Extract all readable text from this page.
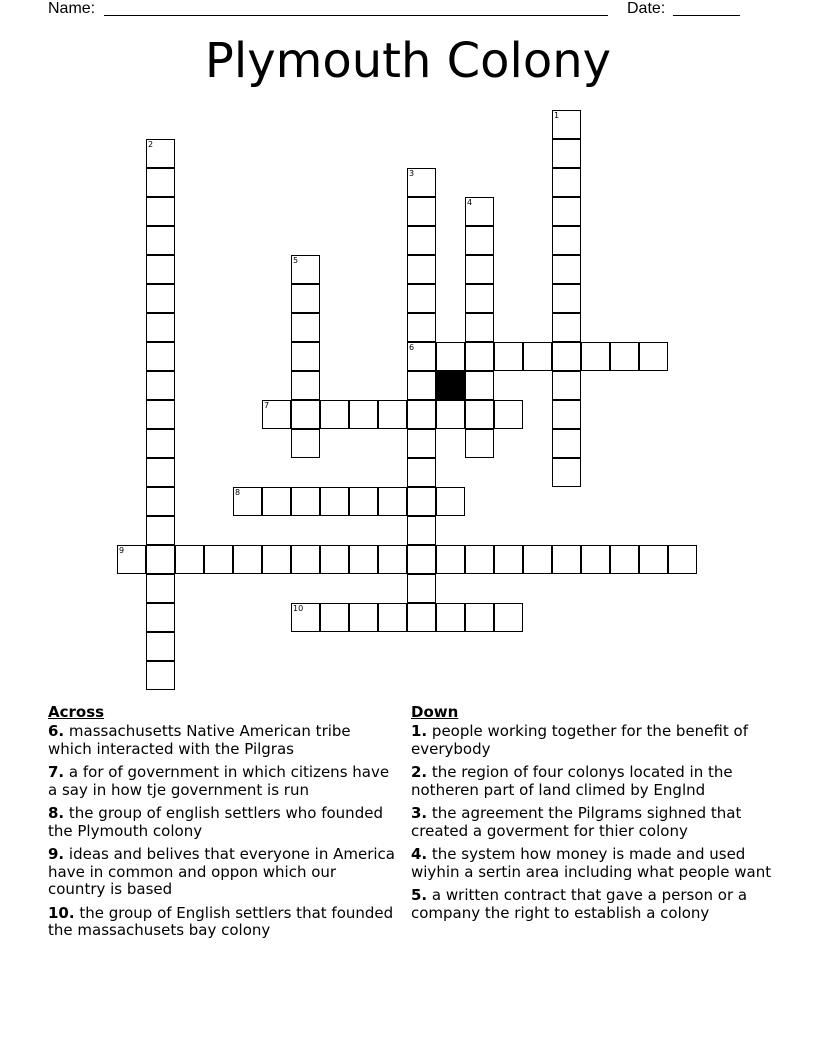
Name:	Date:
Plymouth Colony
1
2
3
6
4
5
7
8
9
10
Across
6. massachusetts Native American tribe which interacted with the Pilgras
7. a for of government in which citizens have a say in how tje government is run
8. the group of english settlers who founded the Plymouth colony
9. ideas and belives that everyone in America have in common and oppon which our country is based
10. the group of English settlers that founded the massachusets bay colony
Down
1. people working together for the benefit of everybody
2. the region of four colonys located in the notheren part of land climed by Englnd
3. the agreement the Pilgrams sighned that created a goverment for thier colony
4. the system how money is made and used wiyhin a sertin area including what people want
5. a written contract that gave a person or a company the right to establish a colony
